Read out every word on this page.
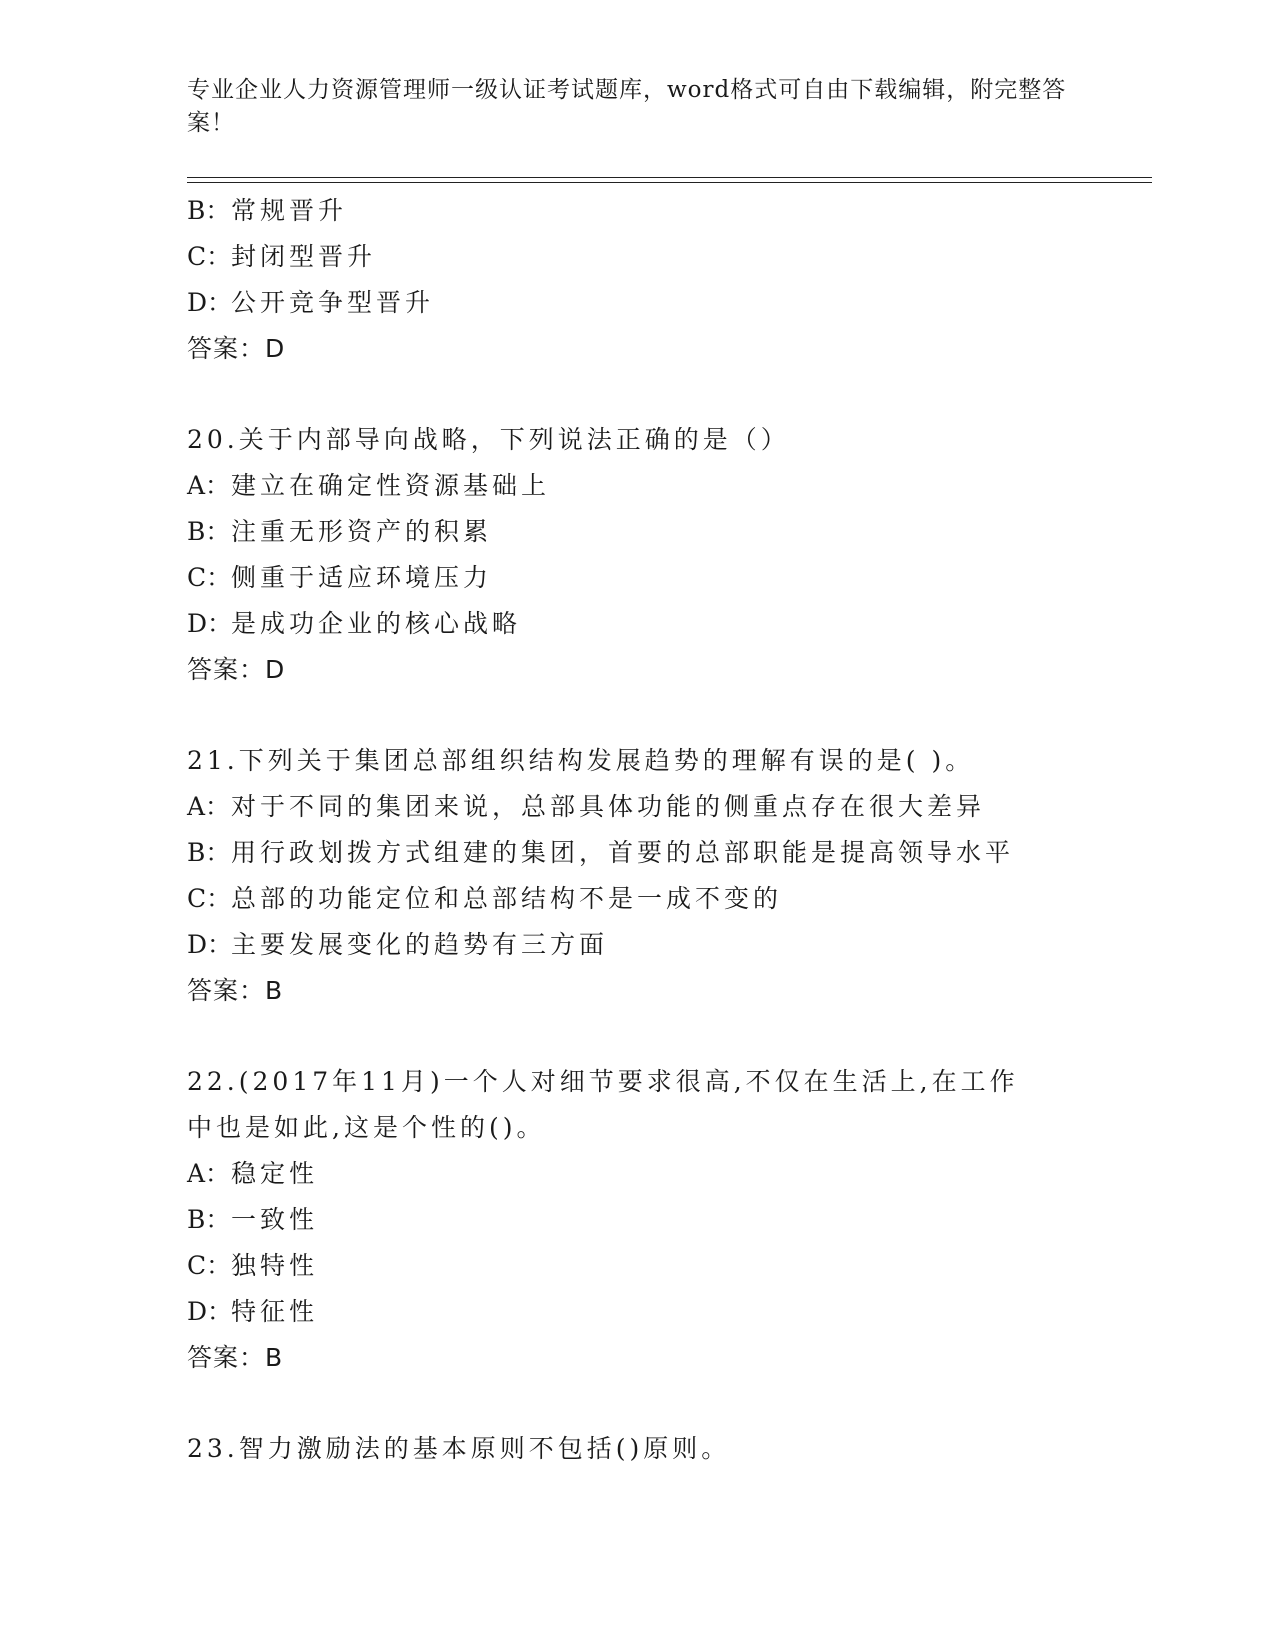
专业企业人力资源管理师一级认证考试题库，word格式可自由下载编辑，附完整答案！
B：常规晋升
C：封闭型晋升
D：公开竞争型晋升
答案：D
20.关于内部导向战略，下列说法正确的是（）
A：建立在确定性资源基础上
B：注重无形资产的积累
C：侧重于适应环境压力
D：是成功企业的核心战略
答案：D
21.下列关于集团总部组织结构发展趋势的理解有误的是( )。
A：对于不同的集团来说，总部具体功能的侧重点存在很大差异
B：用行政划拨方式组建的集团，首要的总部职能是提高领导水平
C：总部的功能定位和总部结构不是一成不变的
D：主要发展变化的趋势有三方面
答案：B
22.(2017年11月)一个人对细节要求很高,不仅在生活上,在工作中也是如此,这是个性的()。
A：稳定性
B：一致性
C：独特性
D：特征性
答案：B
23.智力激励法的基本原则不包括()原则。
